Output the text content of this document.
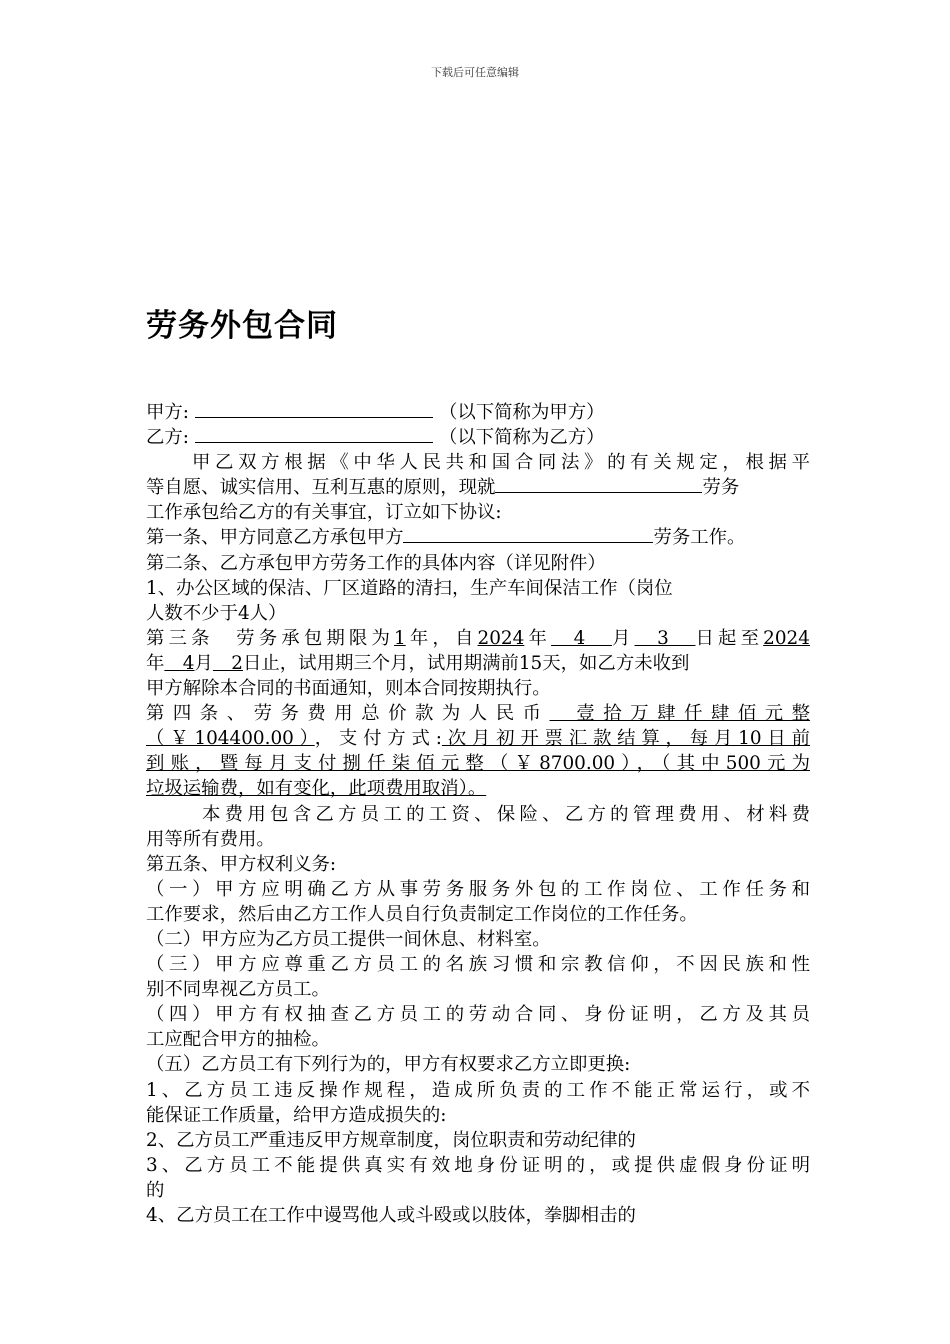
下载后可任意编辑
劳务外包合同
甲方:	（以下简称为甲方）
乙方:	（以下简称为乙方）
甲乙双方根据《中华人民共和国合同法》的有关规定，根据平
等自愿、诚实信用、互利互惠的原则，现就	劳务
工作承包给乙方的有关事宜，订立如下协议:
第一条、甲方同意乙方承包甲方	劳务工作。
第二条、乙方承包甲方劳务工作的具体内容（详见附件）
1、办公区域的保洁、厂区道路的清扫，生产车间保洁工作（岗位
人数不少于4人）
第三条　劳务承包期限为1年，自2024年　4　月　3　日起至2024
年　4月　2日止，试用期三个月，试用期满前15天，如乙方未收到
甲方解除本合同的书面通知，则本合同按期执行。
第四条、劳务费用总价款为人民币　壹拾万肆仟肆佰元整
（￥104400.00），支付方式:次月初开票汇款结算，每月10日前
到账，暨每月支付捌仟柒佰元整（￥8700.00），（其中500元为
垃圾运输费，如有变化，此项费用取消）。
本费用包含乙方员工的工资、保险、乙方的管理费用、材料费
用等所有费用。
第五条、甲方权利义务:
（一）甲方应明确乙方从事劳务服务外包的工作岗位、工作任务和
工作要求，然后由乙方工作人员自行负责制定工作岗位的工作任务。
（二）甲方应为乙方员工提供一间休息、材料室。
（三）甲方应尊重乙方员工的名族习惯和宗教信仰，不因民族和性
别不同卑视乙方员工。
（四）甲方有权抽查乙方员工的劳动合同、身份证明，乙方及其员
工应配合甲方的抽检。
（五）乙方员工有下列行为的，甲方有权要求乙方立即更换:
1、乙方员工违反操作规程，造成所负责的工作不能正常运行，或不
能保证工作质量，给甲方造成损失的:
2、乙方员工严重违反甲方规章制度，岗位职责和劳动纪律的
3、乙方员工不能提供真实有效地身份证明的，或提供虚假身份证明
的
4、乙方员工在工作中谩骂他人或斗殴或以肢体，拳脚相击的
